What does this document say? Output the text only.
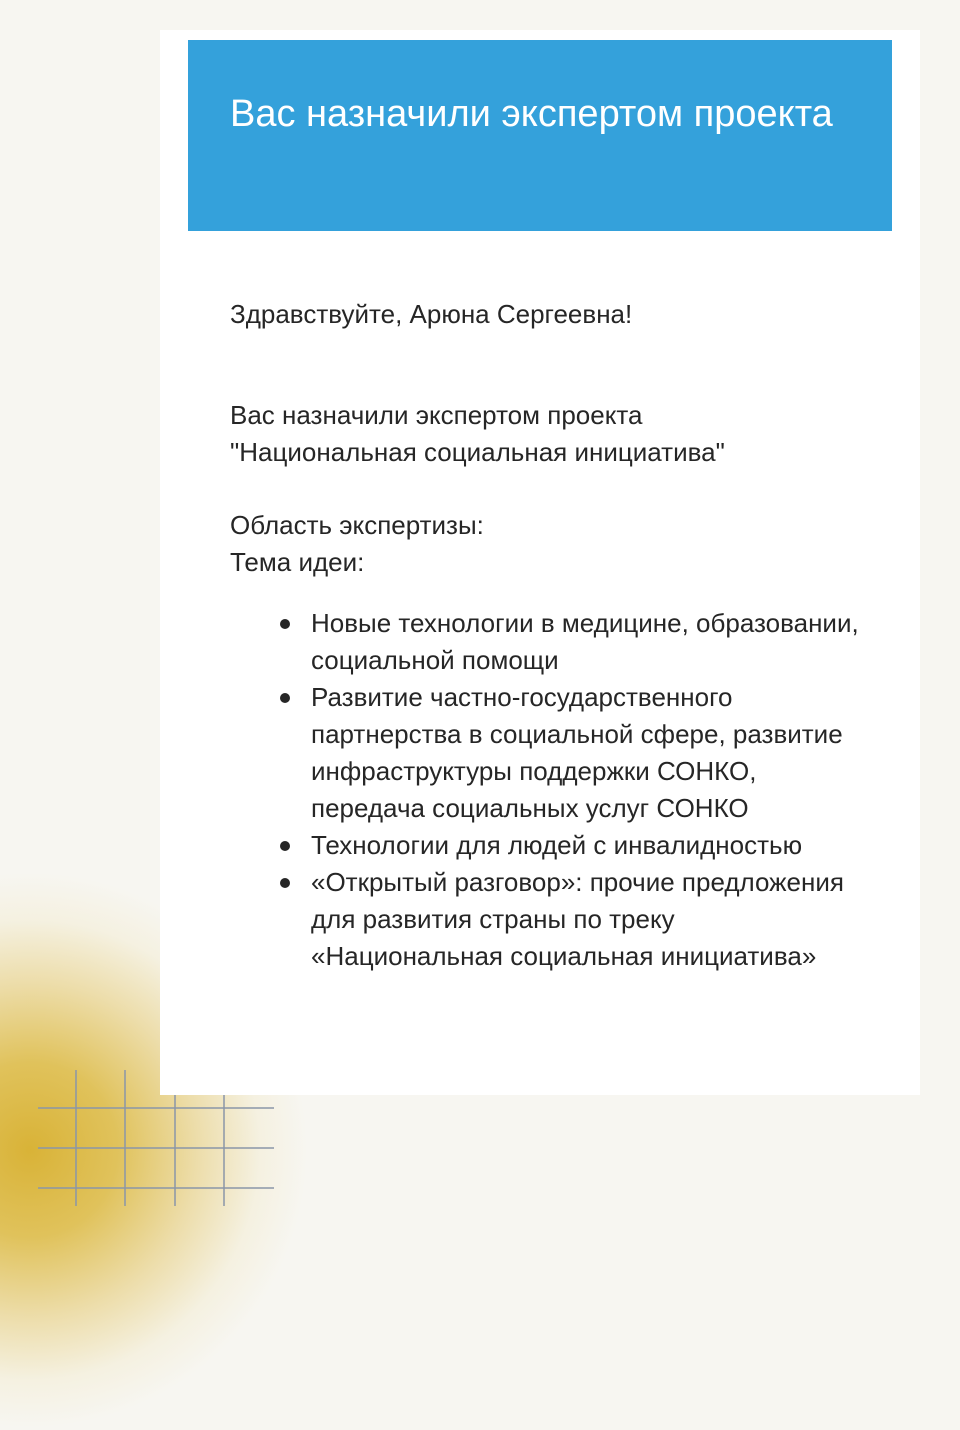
Вас назначили экспертом проекта

Здравствуйте, Арюна Сергеевна!

Вас назначили экспертом проекта

"Национальная социальная инициатива"

Область экспертизы:

Тема идеи:

Новые технологии в медицине, образовании, социальной помощи
Развитие частно-государственного партнерства в социальной сфере, развитие инфраструктуры поддержки СОНКО, передача социальных услуг СОНКО
Технологии для людей с инвалидностью
«Открытый разговор»: прочие предложения для развития страны по треку «Национальная социальная инициатива»
